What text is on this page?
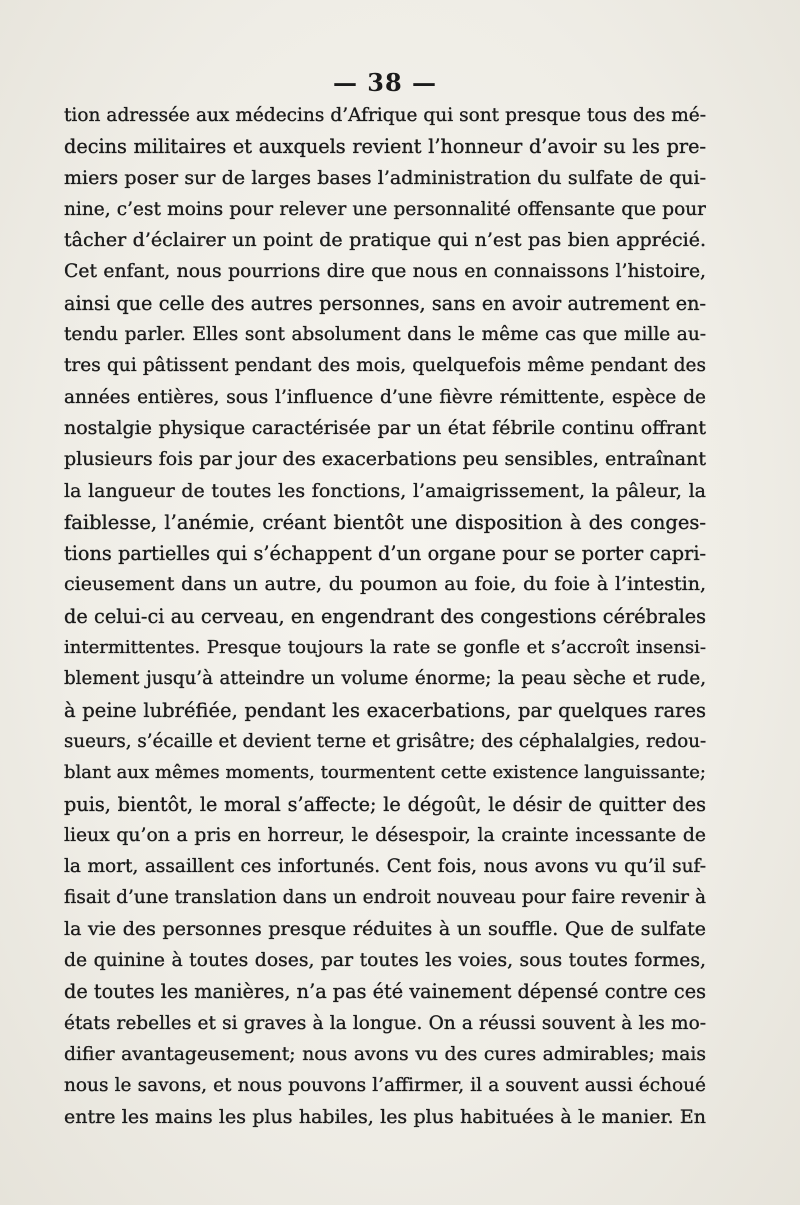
— 38 —
tion adressée aux médecins d’Afrique qui sont presque tous des mé-
decins militaires et auxquels revient l’honneur d’avoir su les pre-
miers poser sur de larges bases l’administration du sulfate de qui-
nine, c’est moins pour relever une personnalité offensante que pour
tâcher d’éclairer un point de pratique qui n’est pas bien apprécié.
Cet enfant, nous pourrions dire que nous en connaissons l’histoire,
ainsi que celle des autres personnes, sans en avoir autrement en-
tendu parler. Elles sont absolument dans le même cas que mille au-
tres qui pâtissent pendant des mois, quelquefois même pendant des
années entières, sous l’influence d’une fièvre rémittente, espèce de
nostalgie physique caractérisée par un état fébrile continu offrant
plusieurs fois par jour des exacerbations peu sensibles, entraînant
la langueur de toutes les fonctions, l’amaigrissement, la pâleur, la
faiblesse, l’anémie, créant bientôt une disposition à des conges-
tions partielles qui s’échappent d’un organe pour se porter capri-
cieusement dans un autre, du poumon au foie, du foie à l’intestin,
de celui-ci au cerveau, en engendrant des congestions cérébrales
intermittentes. Presque toujours la rate se gonfle et s’accroît insensi-
blement jusqu’à atteindre un volume énorme; la peau sèche et rude,
à peine lubréfiée, pendant les exacerbations, par quelques rares
sueurs, s’écaille et devient terne et grisâtre; des céphalalgies, redou-
blant aux mêmes moments, tourmentent cette existence languissante;
puis, bientôt, le moral s’affecte; le dégoût, le désir de quitter des
lieux qu’on a pris en horreur, le désespoir, la crainte incessante de
la mort, assaillent ces infortunés. Cent fois, nous avons vu qu’il suf-
fisait d’une translation dans un endroit nouveau pour faire revenir à
la vie des personnes presque réduites à un souffle. Que de sulfate
de quinine à toutes doses, par toutes les voies, sous toutes formes,
de toutes les manières, n’a pas été vainement dépensé contre ces
états rebelles et si graves à la longue. On a réussi souvent à les mo-
difier avantageusement; nous avons vu des cures admirables; mais
nous le savons, et nous pouvons l’affirmer, il a souvent aussi échoué
entre les mains les plus habiles, les plus habituées à le manier. En
